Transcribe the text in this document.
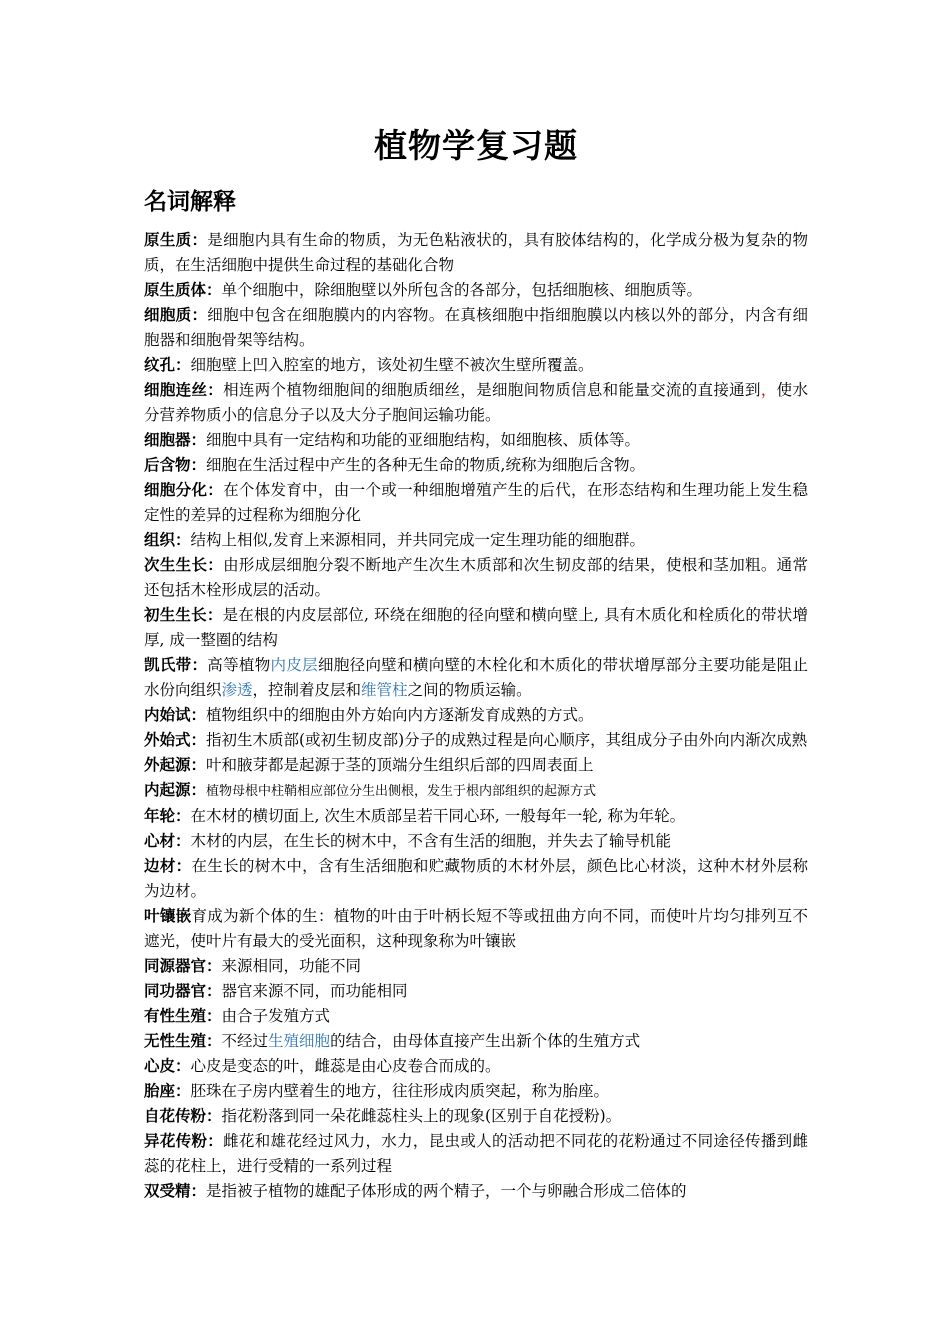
植物学复习题
名词解释

原生质：是细胞内具有生命的物质，为无色粘液状的，具有胶体结构的，化学成分极为复杂的物质，在生活细胞中提供生命过程的基础化合物

原生质体：单个细胞中，除细胞壁以外所包含的各部分，包括细胞核、细胞质等。

细胞质：细胞中包含在细胞膜内的内容物。在真核细胞中指细胞膜以内核以外的部分，内含有细胞器和细胞骨架等结构。

纹孔：细胞壁上凹入腔室的地方，该处初生壁不被次生壁所覆盖。

细胞连丝：相连两个植物细胞间的细胞质细丝，是细胞间物质信息和能量交流的直接通到，使水分营养物质小的信息分子以及大分子胞间运输功能。

细胞器：细胞中具有一定结构和功能的亚细胞结构，如细胞核、质体等。

后含物：细胞在生活过程中产生的各种无生命的物质,统称为细胞后含物。

细胞分化：在个体发育中，由一个或一种细胞增殖产生的后代，在形态结构和生理功能上发生稳定性的差异的过程称为细胞分化

组织：结构上相似,发育上来源相同，并共同完成一定生理功能的细胞群。

次生生长：由形成层细胞分裂不断地产生次生木质部和次生韧皮部的结果，使根和茎加粗。通常还包括木栓形成层的活动。

初生生长：是在根的内皮层部位, 环绕在细胞的径向壁和横向壁上, 具有木质化和栓质化的带状增厚, 成一整圈的结构

凯氏带：高等植物内皮层细胞径向壁和横向壁的木栓化和木质化的带状增厚部分主要功能是阻止水份向组织渗透，控制着皮层和维管柱之间的物质运输。

内始试：植物组织中的细胞由外方始向内方逐渐发育成熟的方式。

外始式：指初生木质部(或初生韧皮部)分子的成熟过程是向心顺序，其组成分子由外向内渐次成熟

外起源：叶和腋芽都是起源于茎的顶端分生组织后部的四周表面上

内起源：植物母根中柱鞘相应部位分生出侧根，发生于根内部组织的起源方式

年轮：在木材的横切面上, 次生木质部呈若干同心环, 一般每年一轮, 称为年轮。

心材：木材的内层，在生长的树木中，不含有生活的细胞，并失去了输导机能

边材：在生长的树木中，含有生活细胞和贮藏物质的木材外层，颜色比心材淡，这种木材外层称为边材。

叶镶嵌育成为新个体的生：植物的叶由于叶柄长短不等或扭曲方向不同，而使叶片均匀排列互不遮光，使叶片有最大的受光面积，这种现象称为叶镶嵌

同源器官：来源相同，功能不同

同功器官：器官来源不同，而功能相同

有性生殖：由合子发殖方式

无性生殖：不经过生殖细胞的结合，由母体直接产生出新个体的生殖方式

心皮：心皮是变态的叶，雌蕊是由心皮卷合而成的。

胎座：胚珠在子房内壁着生的地方，往往形成肉质突起，称为胎座。

自花传粉：指花粉落到同一朵花雌蕊柱头上的现象(区别于自花授粉)。

异花传粉：雌花和雄花经过风力，水力，昆虫或人的活动把不同花的花粉通过不同途径传播到雌蕊的花柱上，进行受精的一系列过程

双受精：是指被子植物的雄配子体形成的两个精子，一个与卵融合形成二倍体的
